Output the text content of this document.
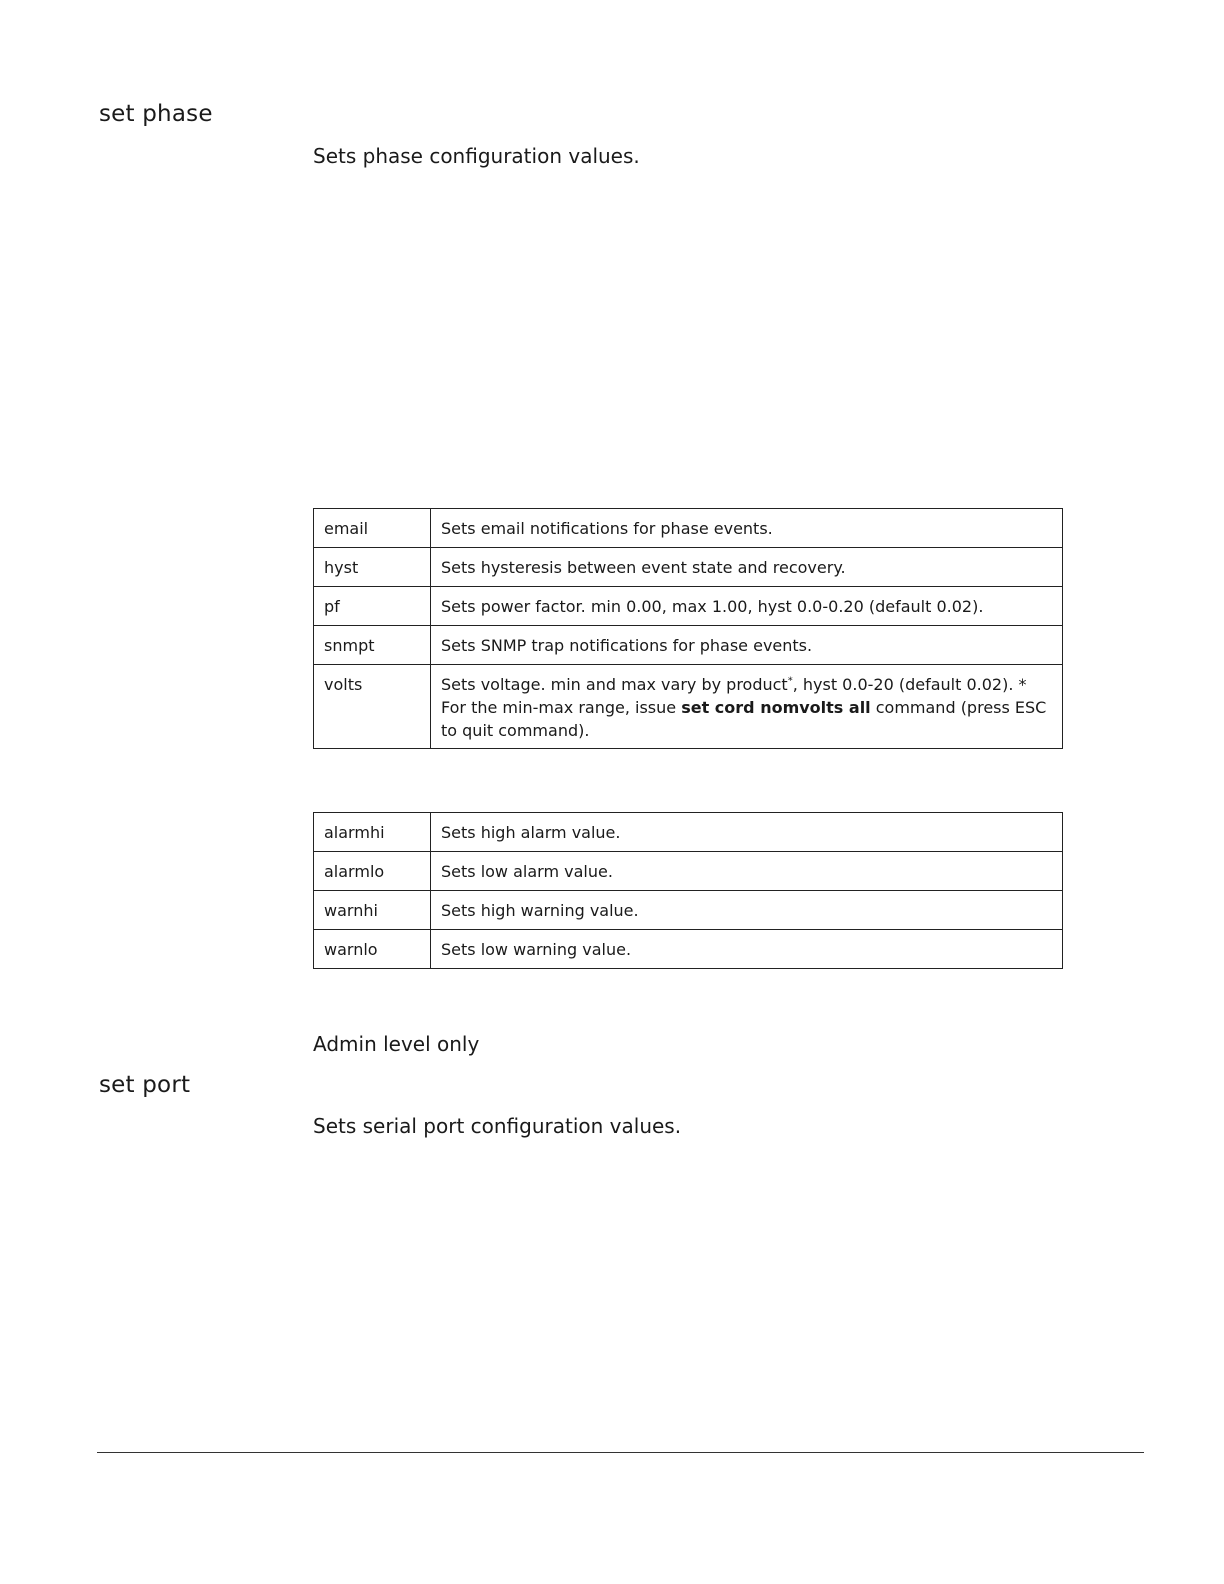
set phase

Sets phase configuration values.

email	Sets email notifications for phase events.
hyst	Sets hysteresis between event state and recovery.
pf	Sets power factor. min 0.00, max 1.00, hyst 0.0-0.20 (default 0.02).
snmpt	Sets SNMP trap notifications for phase events.
volts	Sets voltage. min and max vary by product*, hyst 0.0-20 (default 0.02). * For the min-max range, issue set cord nomvolts all command (press ESC to quit command).
alarmhi	Sets high alarm value.
alarmlo	Sets low alarm value.
warnhi	Sets high warning value.
warnlo	Sets low warning value.

Admin level only

set port

Sets serial port configuration values.
